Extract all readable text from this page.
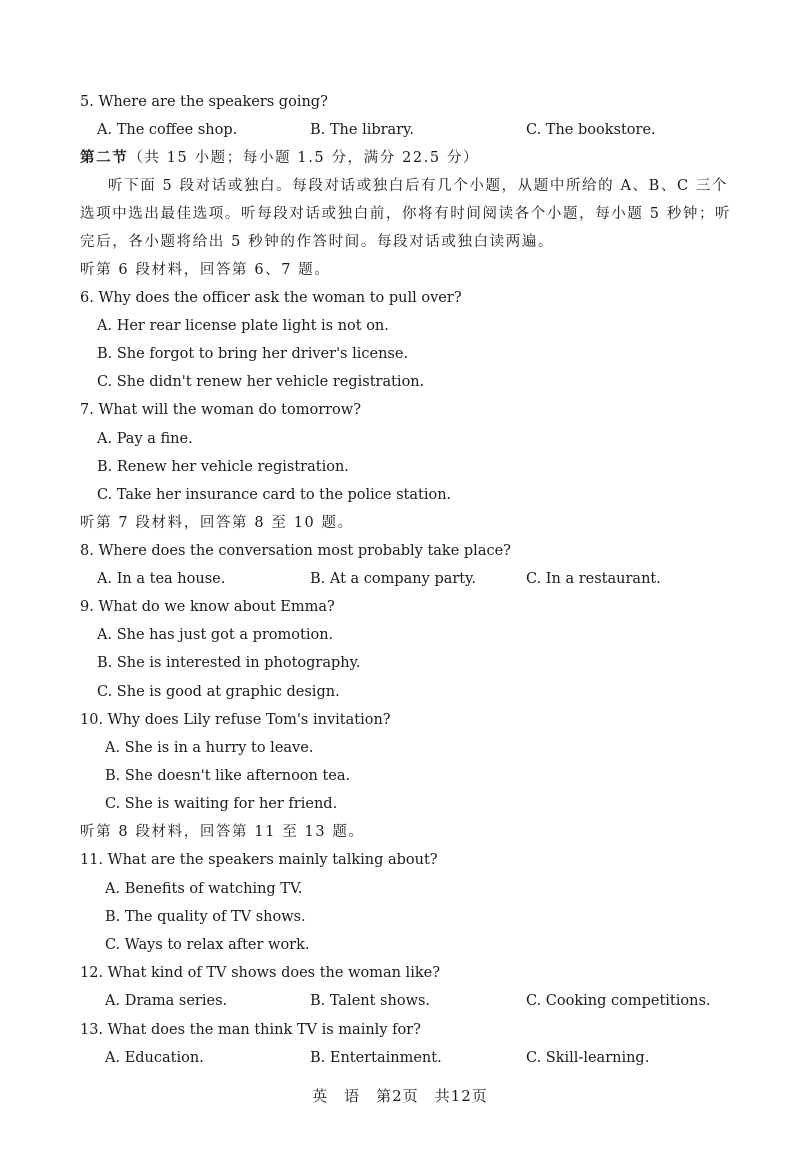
5. Where are the speakers going?
A. The coffee shop.	B. The library.	C. The bookstore.
第二节（共 15 小题；每小题 1.5 分，满分 22.5 分）
听下面 5 段对话或独白。每段对话或独白后有几个小题，从题中所给的 A、B、C 三个
选项中选出最佳选项。听每段对话或独白前，你将有时间阅读各个小题，每小题 5 秒钟；听
完后，各小题将给出 5 秒钟的作答时间。每段对话或独白读两遍。
听第 6 段材料，回答第 6、7 题。
6. Why does the officer ask the woman to pull over?
A. Her rear license plate light is not on.
B. She forgot to bring her driver's license.
C. She didn't renew her vehicle registration.
7. What will the woman do tomorrow?
A. Pay a fine.
B. Renew her vehicle registration.
C. Take her insurance card to the police station.
听第 7 段材料，回答第 8 至 10 题。
8. Where does the conversation most probably take place?
A. In a tea house.	B. At a company party.	C. In a restaurant.
9. What do we know about Emma?
A. She has just got a promotion.
B. She is interested in photography.
C. She is good at graphic design.
10. Why does Lily refuse Tom's invitation?
A. She is in a hurry to leave.
B. She doesn't like afternoon tea.
C. She is waiting for her friend.
听第 8 段材料，回答第 11 至 13 题。
11. What are the speakers mainly talking about?
A. Benefits of watching TV.
B. The quality of TV shows.
C. Ways to relax after work.
12. What kind of TV shows does the woman like?
A. Drama series.	B. Talent shows.	C. Cooking competitions.
13. What does the man think TV is mainly for?
A. Education.	B. Entertainment.	C. Skill-learning.
英　语　第2页　共12页
